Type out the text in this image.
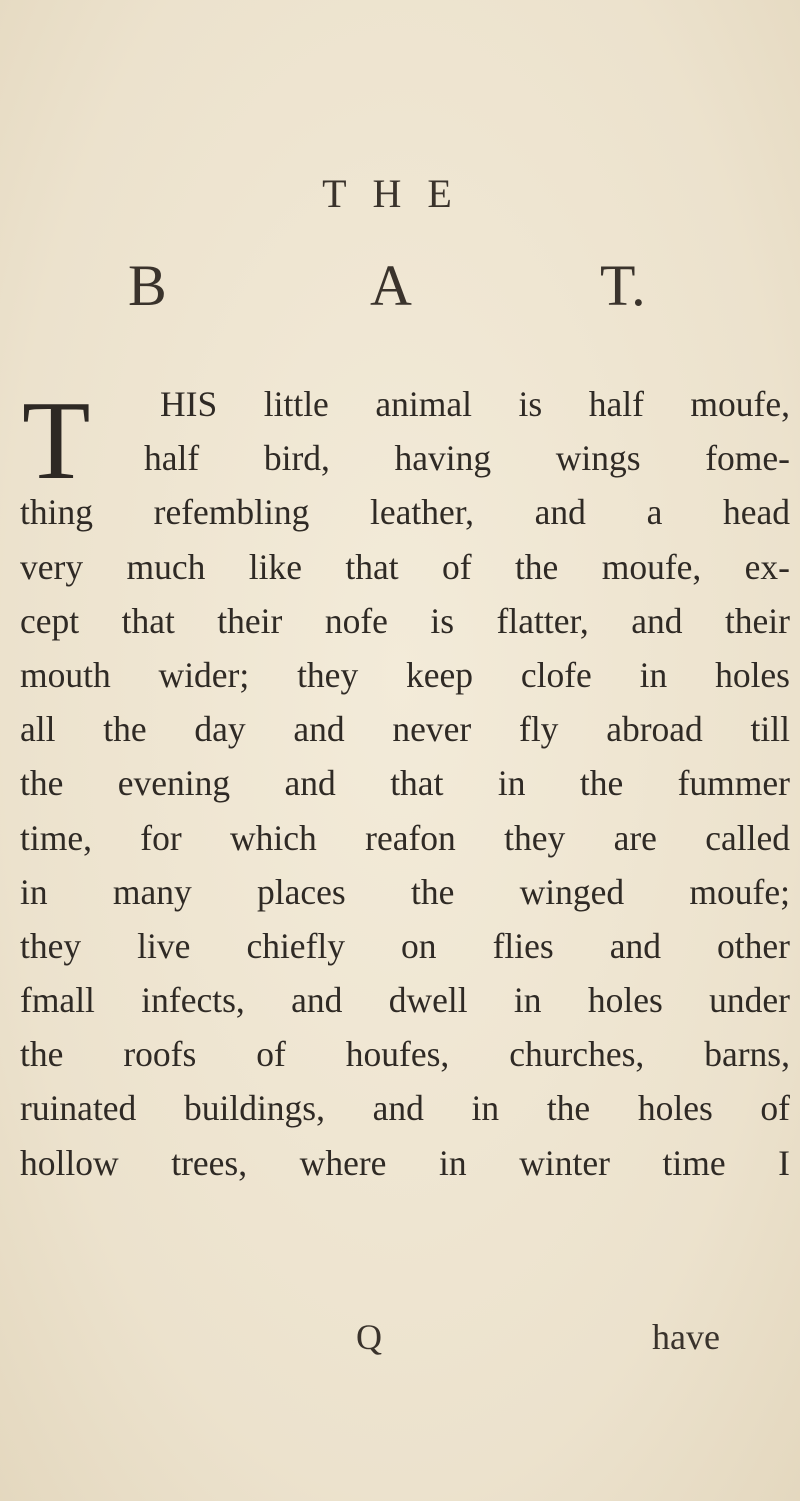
THE
B	A	T.
T	HIS little animal is half moufe,
half bird, having wings fome-
thing refembling leather, and a head
very much like that of the moufe, ex-
cept that their nofe is flatter, and their
mouth wider; they keep clofe in holes
all the day and never fly abroad till
the evening and that in the fummer
time, for which reafon they are called
in many places the winged moufe;
they live chiefly on flies and other
fmall infects, and dwell in holes under
the roofs of houfes, churches, barns,
ruinated buildings, and in the holes of
hollow trees, where in winter time I
Q	have
